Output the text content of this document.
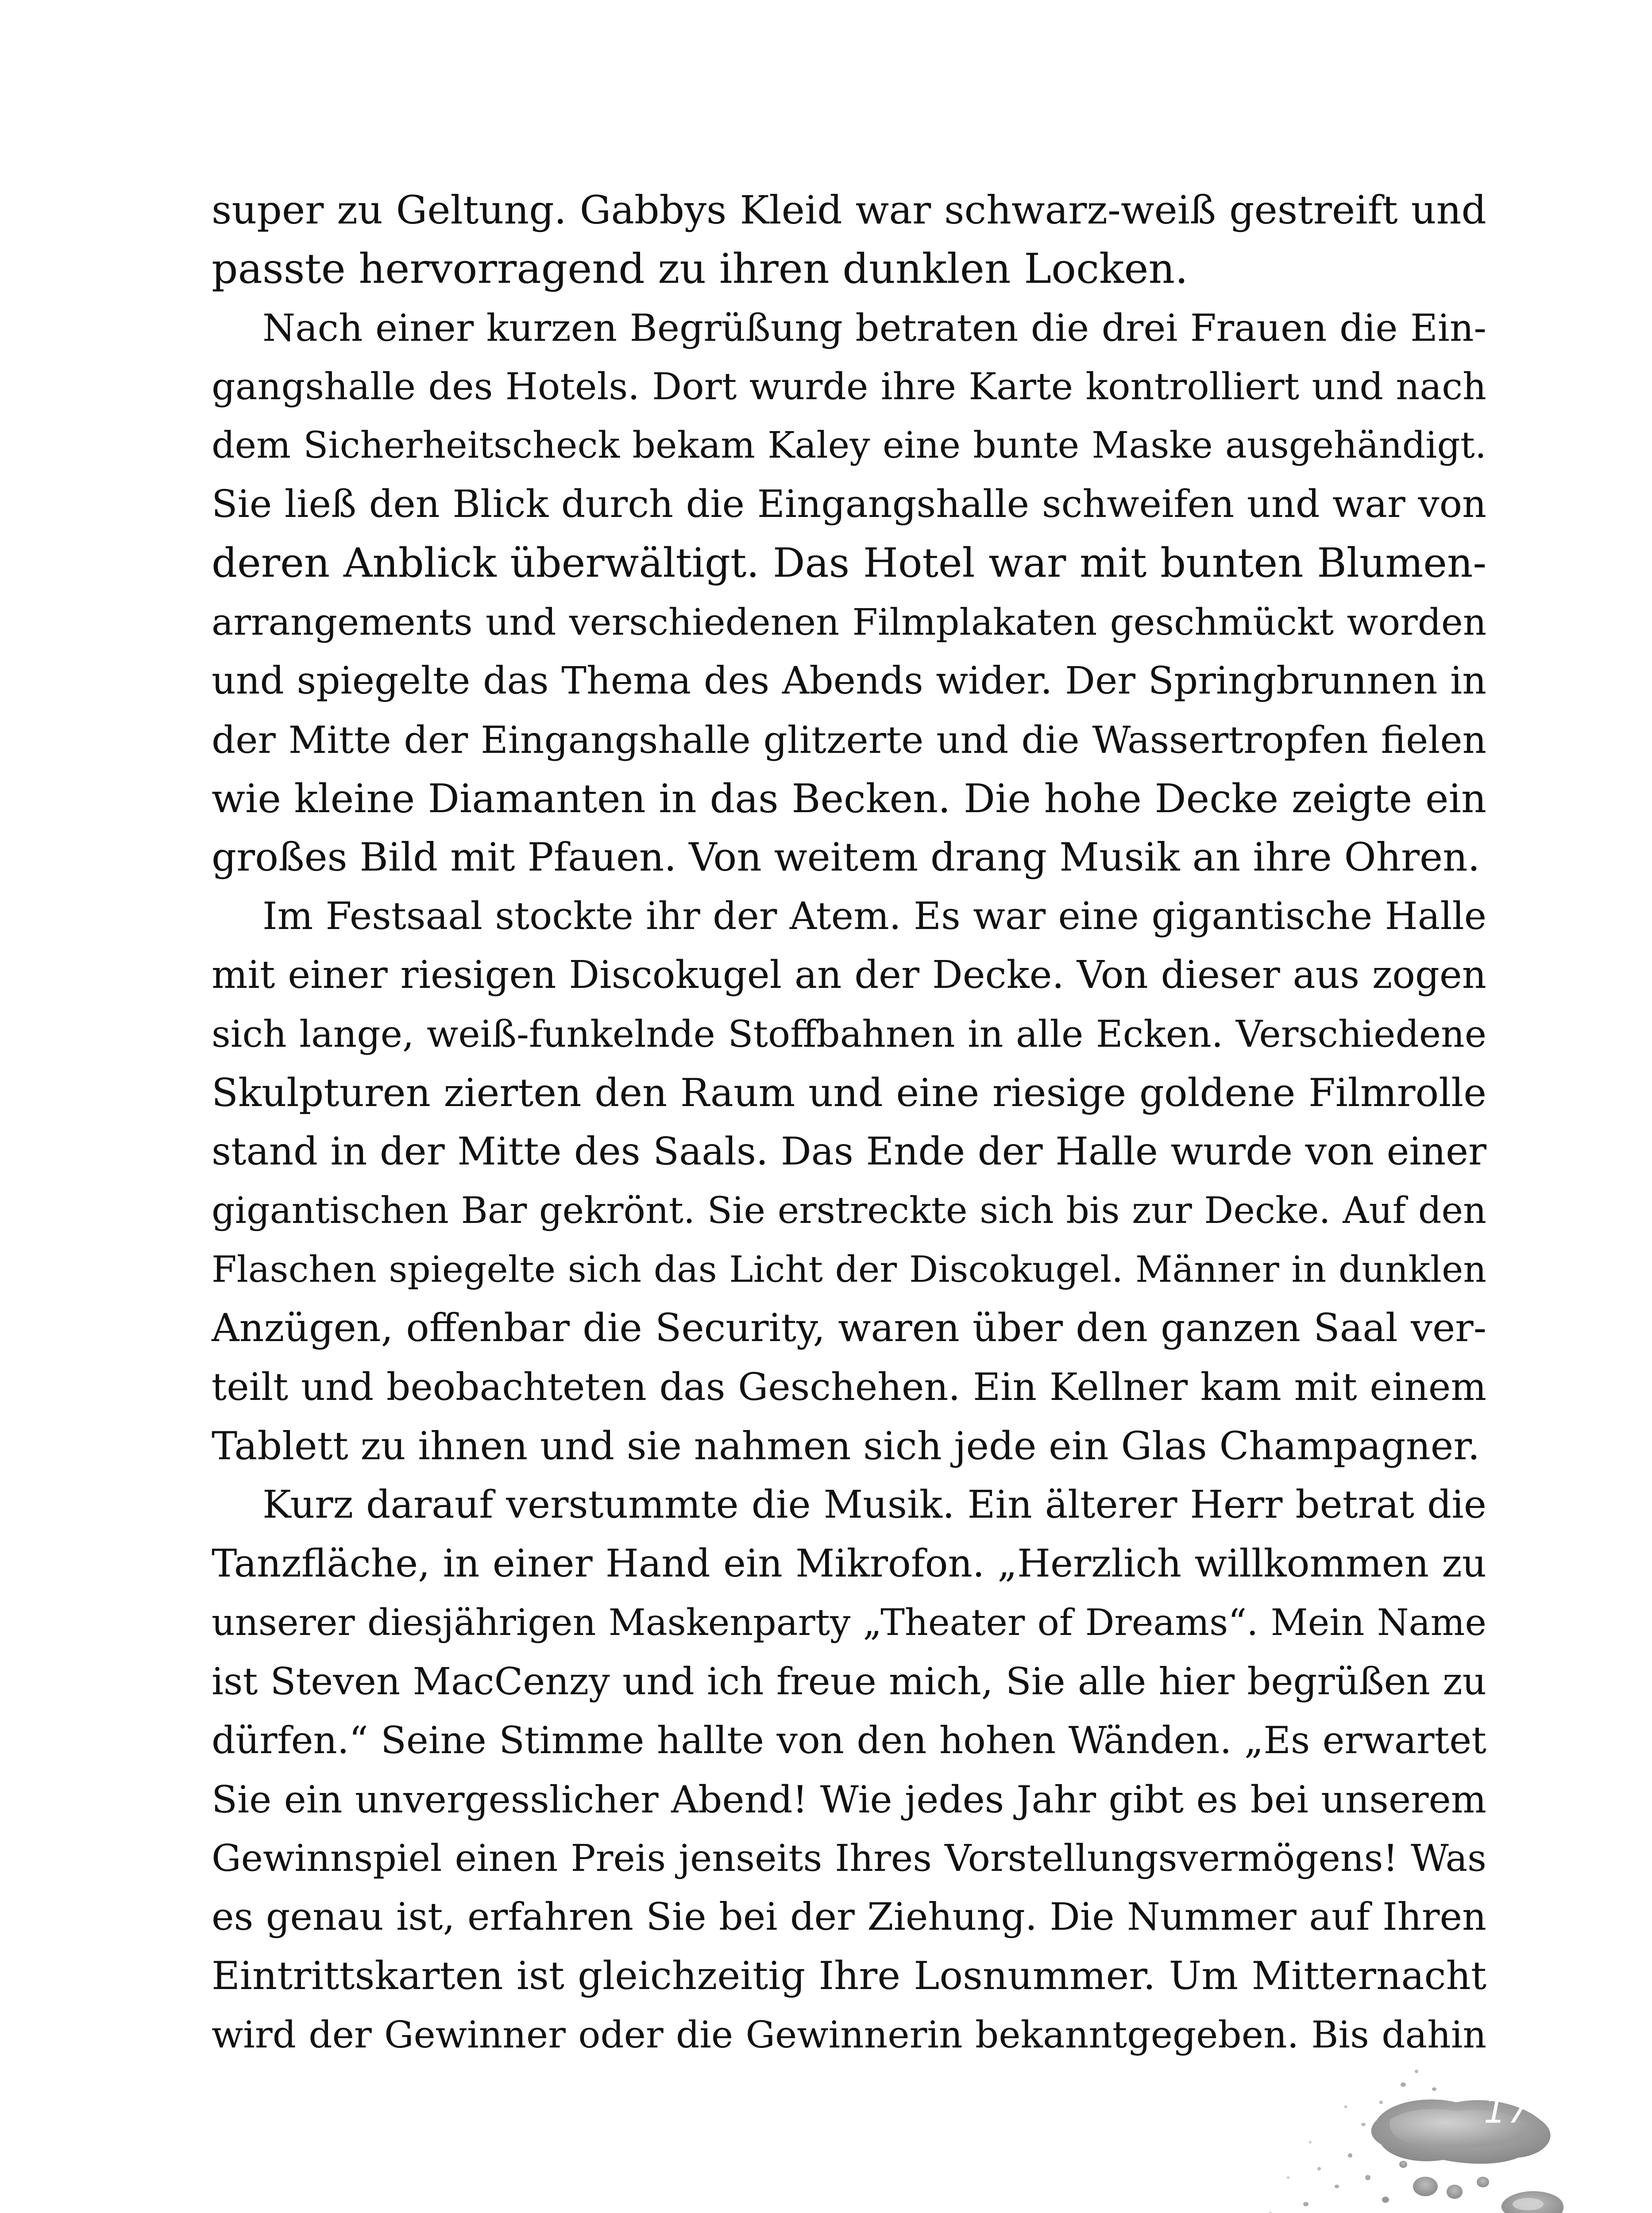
super zu Geltung. Gabbys Kleid war schwarz-weiß gestreift und
passte hervorragend zu ihren dunklen Locken.
Nach einer kurzen Begrüßung betraten die drei Frauen die Ein-
gangshalle des Hotels. Dort wurde ihre Karte kontrolliert und nach
dem Sicherheitscheck bekam Kaley eine bunte Maske ausgehändigt.
Sie ließ den Blick durch die Eingangshalle schweifen und war von
deren Anblick überwältigt. Das Hotel war mit bunten Blumen-
arrangements und verschiedenen Filmplakaten geschmückt worden
und spiegelte das Thema des Abends wider. Der Springbrunnen in
der Mitte der Eingangshalle glitzerte und die Wassertropfen fielen
wie kleine Diamanten in das Becken. Die hohe Decke zeigte ein
großes Bild mit Pfauen. Von weitem drang Musik an ihre Ohren.
Im Festsaal stockte ihr der Atem. Es war eine gigantische Halle
mit einer riesigen Discokugel an der Decke. Von dieser aus zogen
sich lange, weiß-funkelnde Stoffbahnen in alle Ecken. Verschiedene
Skulpturen zierten den Raum und eine riesige goldene Filmrolle
stand in der Mitte des Saals. Das Ende der Halle wurde von einer
gigantischen Bar gekrönt. Sie erstreckte sich bis zur Decke. Auf den
Flaschen spiegelte sich das Licht der Discokugel. Männer in dunklen
Anzügen, offenbar die Security, waren über den ganzen Saal ver-
teilt und beobachteten das Geschehen. Ein Kellner kam mit einem
Tablett zu ihnen und sie nahmen sich jede ein Glas Champagner.
Kurz darauf verstummte die Musik. Ein älterer Herr betrat die
Tanzfläche, in einer Hand ein Mikrofon. „Herzlich willkommen zu
unserer diesjährigen Maskenparty „Theater of Dreams“. Mein Name
ist Steven MacCenzy und ich freue mich, Sie alle hier begrüßen zu
dürfen.“ Seine Stimme hallte von den hohen Wänden. „Es erwartet
Sie ein unvergesslicher Abend! Wie jedes Jahr gibt es bei unserem
Gewinnspiel einen Preis jenseits Ihres Vorstellungsvermögens! Was
es genau ist, erfahren Sie bei der Ziehung. Die Nummer auf Ihren
Eintrittskarten ist gleichzeitig Ihre Losnummer. Um Mitternacht
wird der Gewinner oder die Gewinnerin bekanntgegeben. Bis dahin
17
